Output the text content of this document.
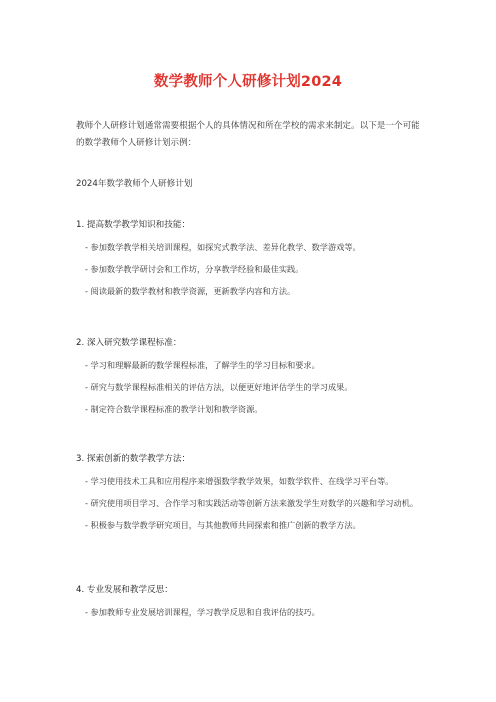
数学教师个人研修计划2024
教师个人研修计划通常需要根据个人的具体情况和所在学校的需求来制定。以下是一个可能的数学教师个人研修计划示例：
2024年数学教师个人研修计划
1. 提高数学教学知识和技能：
- 参加数学教学相关培训课程，如探究式教学法、差异化教学、数学游戏等。
- 参加数学教学研讨会和工作坊，分享教学经验和最佳实践。
- 阅读最新的数学教材和教学资源，更新教学内容和方法。
2. 深入研究数学课程标准：
- 学习和理解最新的数学课程标准，了解学生的学习目标和要求。
- 研究与数学课程标准相关的评估方法，以便更好地评估学生的学习成果。
- 制定符合数学课程标准的教学计划和教学资源。
3. 探索创新的数学教学方法：
- 学习使用技术工具和应用程序来增强数学教学效果，如数学软件、在线学习平台等。
- 研究使用项目学习、合作学习和实践活动等创新方法来激发学生对数学的兴趣和学习动机。
- 积极参与数学教学研究项目，与其他教师共同探索和推广创新的教学方法。
4. 专业发展和教学反思：
- 参加教师专业发展培训课程，学习教学反思和自我评估的技巧。
